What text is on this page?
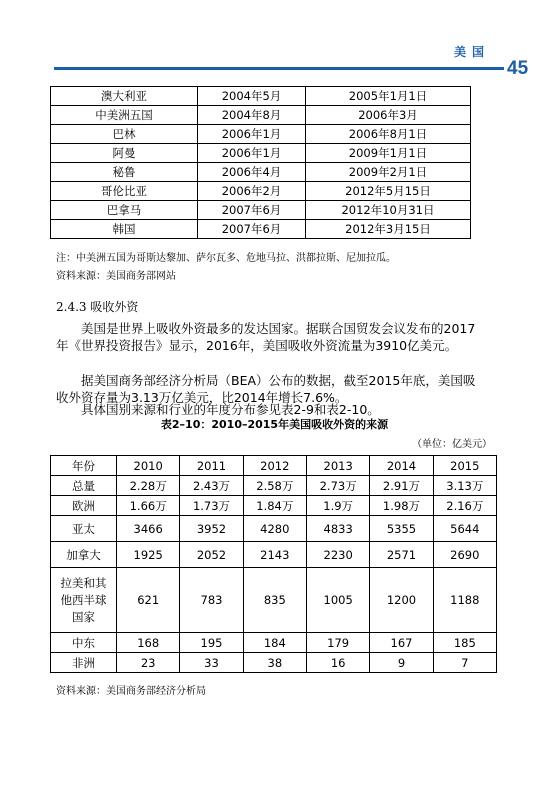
美国
45
澳大利亚	2004年5月	2005年1月1日
中美洲五国	2004年8月	2006年3月
巴林	2006年1月	2006年8月1日
阿曼	2006年1月	2009年1月1日
秘鲁	2006年4月	2009年2月1日
哥伦比亚	2006年2月	2012年5月15日
巴拿马	2007年6月	2012年10月31日
韩国	2007年6月	2012年3月15日
注：中美洲五国为哥斯达黎加、萨尔瓦多、危地马拉、洪都拉斯、尼加拉瓜。
资料来源：美国商务部网站
2.4.3 吸收外资
美国是世界上吸收外资最多的发达国家。据联合国贸发会议发布的2017年《世界投资报告》显示，2016年，美国吸收外资流量为3910亿美元。
据美国商务部经济分析局（BEA）公布的数据，截至2015年底，美国吸收外资存量为3.13万亿美元，比2014年增长7.6%。
具体国别来源和行业的年度分布参见表2-9和表2-10。
表2–10：2010–2015年美国吸收外资的来源
（单位：亿美元）
年份	2010	2011	2012	2013	2014	2015
总量	2.28万	2.43万	2.58万	2.73万	2.91万	3.13万
欧洲	1.66万	1.73万	1.84万	1.9万	1.98万	2.16万
亚太	3466	3952	4280	4833	5355	5644
加拿大	1925	2052	2143	2230	2571	2690

拉美和其
他西半球
国家	621	783	835	1005	1200	1188
中东	168	195	184	179	167	185
非洲	23	33	38	16	9	7
资料来源：美国商务部经济分析局
